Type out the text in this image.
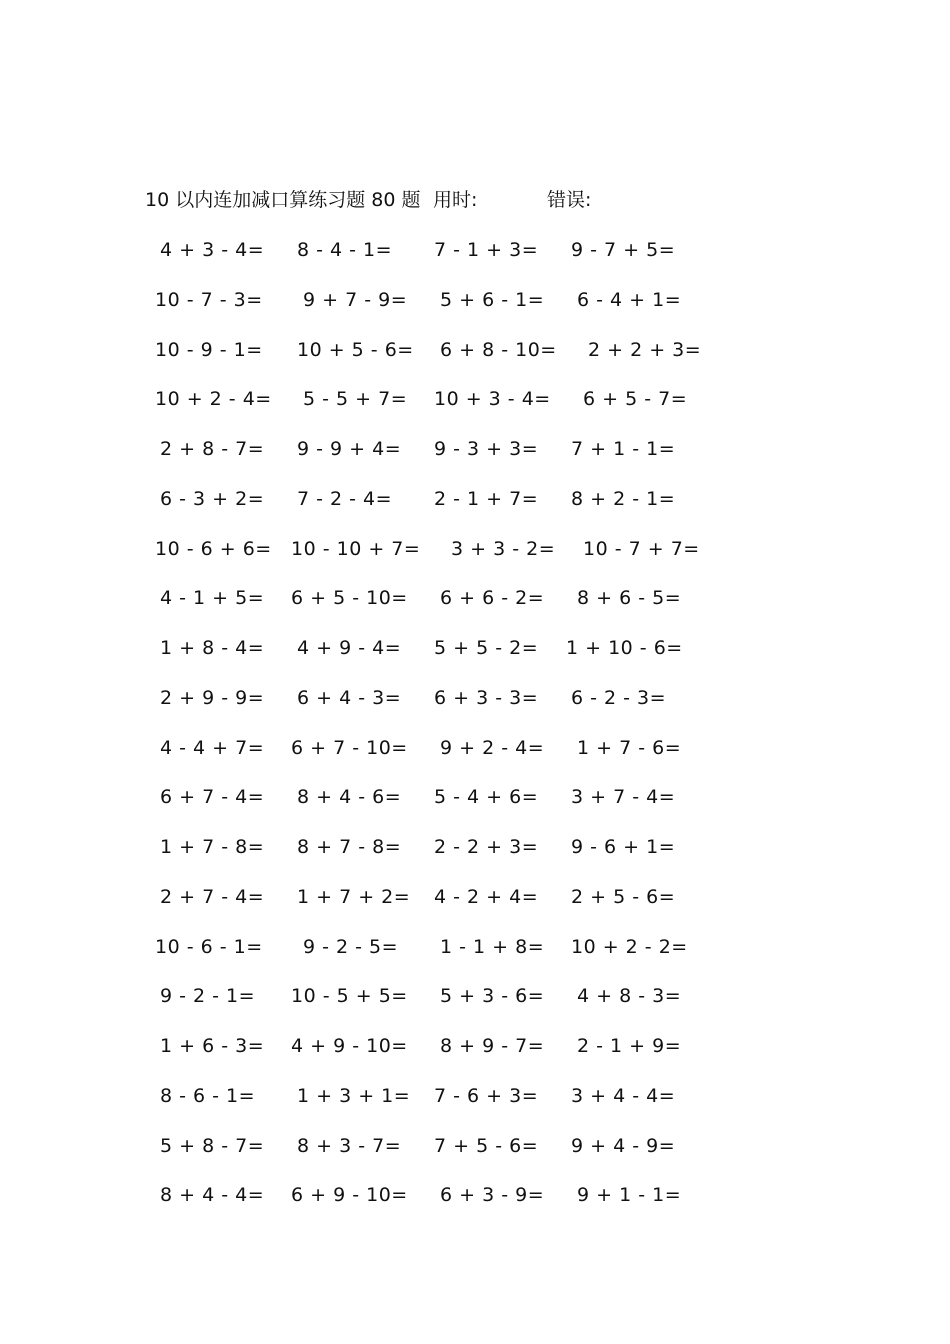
10 以内连加减口算练习题 80 题 用时:	错误:
4 + 3 - 4= 8 - 4 - 1= 7 - 1 + 3= 9 - 7 + 5=
10 - 7 - 3= 9 + 7 - 9= 5 + 6 - 1= 6 - 4 + 1=
10 - 9 - 1= 10 + 5 - 6= 6 + 8 - 10= 2 + 2 + 3=
10 + 2 - 4= 5 - 5 + 7= 10 + 3 - 4= 6 + 5 - 7=
2 + 8 - 7= 9 - 9 + 4= 9 - 3 + 3= 7 + 1 - 1=
6 - 3 + 2= 7 - 2 - 4= 2 - 1 + 7= 8 + 2 - 1=
10 - 6 + 6= 10 - 10 + 7= 3 + 3 - 2= 10 - 7 + 7=
4 - 1 + 5= 6 + 5 - 10= 6 + 6 - 2= 8 + 6 - 5=
1 + 8 - 4= 4 + 9 - 4= 5 + 5 - 2= 1 + 10 - 6=
2 + 9 - 9= 6 + 4 - 3= 6 + 3 - 3= 6 - 2 - 3=
4 - 4 + 7= 6 + 7 - 10= 9 + 2 - 4= 1 + 7 - 6=
6 + 7 - 4= 8 + 4 - 6= 5 - 4 + 6= 3 + 7 - 4=
1 + 7 - 8= 8 + 7 - 8= 2 - 2 + 3= 9 - 6 + 1=
2 + 7 - 4= 1 + 7 + 2= 4 - 2 + 4= 2 + 5 - 6=
10 - 6 - 1= 9 - 2 - 5= 1 - 1 + 8= 10 + 2 - 2=
9 - 2 - 1= 10 - 5 + 5= 5 + 3 - 6= 4 + 8 - 3=
1 + 6 - 3= 4 + 9 - 10= 8 + 9 - 7= 2 - 1 + 9=
8 - 6 - 1= 1 + 3 + 1= 7 - 6 + 3= 3 + 4 - 4=
5 + 8 - 7= 8 + 3 - 7= 7 + 5 - 6= 9 + 4 - 9=
8 + 4 - 4= 6 + 9 - 10= 6 + 3 - 9= 9 + 1 - 1=
